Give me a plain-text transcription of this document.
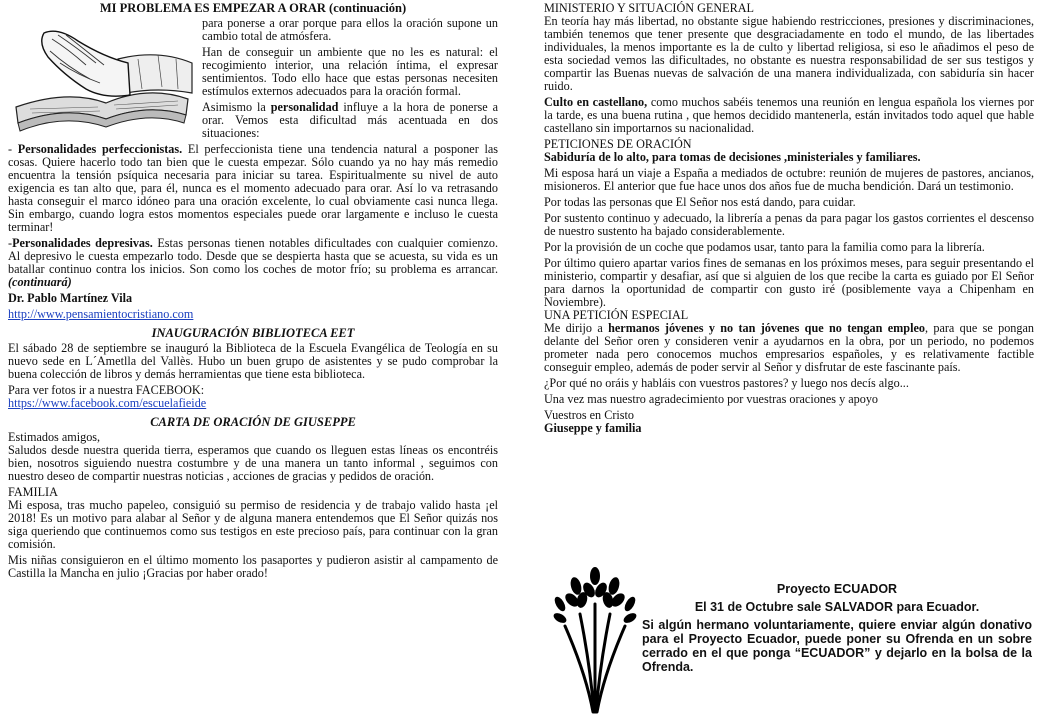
MI PROBLEMA ES EMPEZAR A ORAR (continuación)

para ponerse a orar porque para ellos la oración supone un cambio total de atmósfera.

Han de conseguir un ambiente que no les es natural: el recogimiento interior, una relación íntima, el expresar sentimientos. Todo ello hace que estas personas necesiten estímulos externos adecuados para la oración formal.

Asimismo la personalidad influye a la hora de ponerse a orar. Vemos esta dificultad más acentuada en dos situaciones:

- Personalidades perfeccionistas. El perfeccionista tiene una tendencia natural a posponer las cosas. Quiere hacerlo todo tan bien que le cuesta empezar. Sólo cuando ya no hay más remedio encuentra la tensión psíquica necesaria para iniciar su tarea. Espiritualmente su nivel de auto exigencia es tan alto que, para él, nunca es el momento adecuado para orar. Así lo va retrasando hasta conseguir el marco idóneo para una oración excelente, lo cual obviamente casi nunca llega. Sin embargo, cuando logra estos momentos especiales puede orar largamente e incluso le cuesta terminar!

-Personalidades depresivas. Estas personas tienen notables dificultades con cualquier comienzo. Al depresivo le cuesta empezarlo todo. Desde que se despierta hasta que se acuesta, su vida es un batallar continuo contra los inicios. Son como los coches de motor frío; su problema es arrancar. (continuará)

Dr. Pablo Martínez Vila

http://www.pensamientocristiano.com

INAUGURACIÓN BIBLIOTECA EET

El sábado 28 de septiembre se inauguró la Biblioteca de la Escuela Evangélica de Teología en su nuevo sede en L´Ametlla del Vallès. Hubo un buen grupo de asistentes y se pudo comprobar la buena colección de libros y demás herramientas que tiene esta biblioteca.

Para ver fotos ir a nuestra FACEBOOK:

https://www.facebook.com/escuelafieide

CARTA DE ORACIÓN DE GIUSEPPE

Estimados amigos,

Saludos desde nuestra querida tierra, esperamos que cuando os lleguen estas líneas os encontréis bien, nosotros siguiendo nuestra costumbre y de una manera un tanto informal , seguimos con nuestro deseo de compartir nuestras noticias , acciones de gracias y pedidos de oración.

FAMILIA

Mi esposa, tras mucho papeleo, consiguió su permiso de residencia y de trabajo valido hasta ¡el 2018! Es un motivo para alabar al Señor y de alguna manera entendemos que El Señor quizás nos siga queriendo que continuemos como sus testigos en este precioso país, para continuar con la gran comisión.

Mis niñas consiguieron en el último momento los pasaportes y pudieron asistir al campamento de Castilla la Mancha en julio ¡Gracias por haber orado!

MINISTERIO Y SITUACIÓN GENERAL

En teoría hay más libertad, no obstante sigue habiendo restricciones, presiones y discriminaciones, también tenemos que tener presente que desgraciadamente en todo el mundo, de las libertades individuales, la menos importante es la de culto y libertad religiosa, si eso le añadimos el peso de esta sociedad vemos las dificultades, no obstante es nuestra responsabilidad de ser sus testigos y compartir las Buenas nuevas de salvación de una manera individualizada, con sabiduría sin hacer ruido.

Culto en castellano, como muchos sabéis tenemos una reunión en lengua española los viernes por la tarde, es una buena rutina , que hemos decidido mantenerla, están invitados todo aquel que hable castellano sin importarnos su nacionalidad.

PETICIONES DE ORACIÓN

Sabiduría de lo alto, para tomas de decisiones ,ministeriales y familiares.

Mi esposa hará un viaje a España a mediados de octubre: reunión de mujeres de pastores, ancianos, misioneros. El anterior que fue hace unos dos años fue de mucha bendición. Dará un testimonio.

Por todas las personas que El Señor nos está dando, para cuidar.

Por sustento continuo y adecuado, la librería a penas da para pagar los gastos corrientes el descenso de nuestro sustento ha bajado considerablemente.

Por la provisión de un coche que podamos usar, tanto para la familia como para la librería.

Por último quiero apartar varios fines de semanas en los próximos meses, para seguir presentando el ministerio, compartir y desafiar, así que si alguien de los que recibe la carta es guiado por El Señor para darnos la oportunidad de compartir con gusto iré (posiblemente vaya a Chipenham en Noviembre).

UNA PETICIÓN ESPECIAL

Me dirijo a hermanos jóvenes y no tan jóvenes que no tengan empleo, para que se pongan delante del Señor oren y consideren venir a ayudarnos en la obra, por un periodo, no podemos prometer nada pero conocemos muchos empresarios españoles, y es relativamente factible conseguir empleo, además de poder servir al Señor y disfrutar de este fascinante país.

¿Por qué no oráis y habláis con vuestros pastores? y luego nos decís algo...

Una vez mas nuestro agradecimiento por vuestras oraciones y apoyo

Vuestros en Cristo

Giuseppe y familia

Proyecto ECUADOR

El 31 de Octubre sale SALVADOR para Ecuador.

Si algún hermano voluntariamente, quiere enviar algún donativo para el Proyecto Ecuador, puede poner su Ofrenda en un sobre cerrado en el que ponga “ECUADOR” y dejarlo en la bolsa de la Ofrenda.
